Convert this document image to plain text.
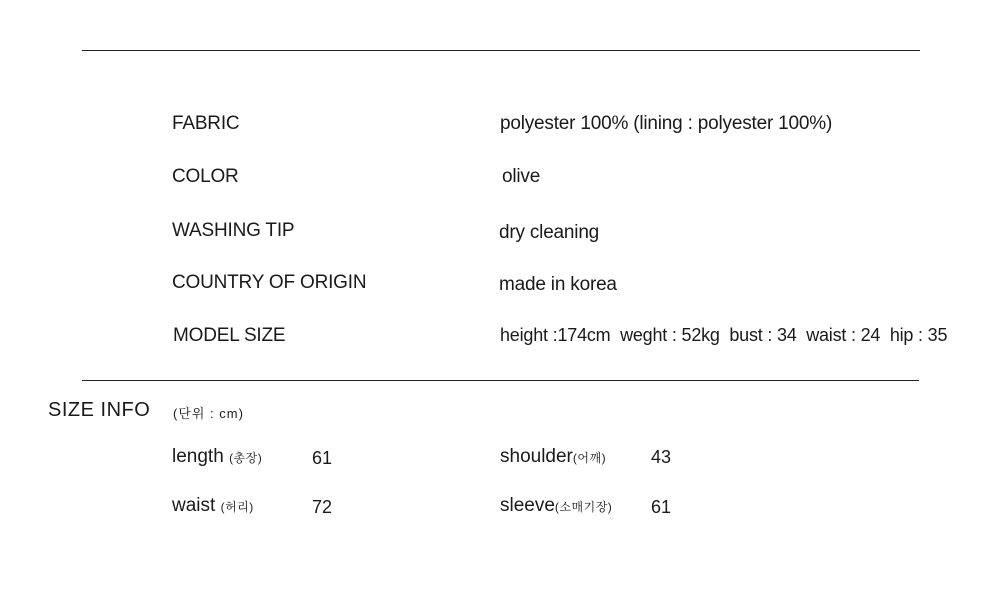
FABRIC	polyester 100% (lining : polyester 100%)
COLOR	olive
WASHING TIP	dry cleaning
COUNTRY OF ORIGIN	made in korea
MODEL SIZE	height :174cm  weght : 52kg  bust : 34  waist : 24  hip : 35
SIZE INFO (단위 : cm)
length (총장)	61	shoulder(어깨) 43
waist (허리)	72	sleeve(소매기장) 61
